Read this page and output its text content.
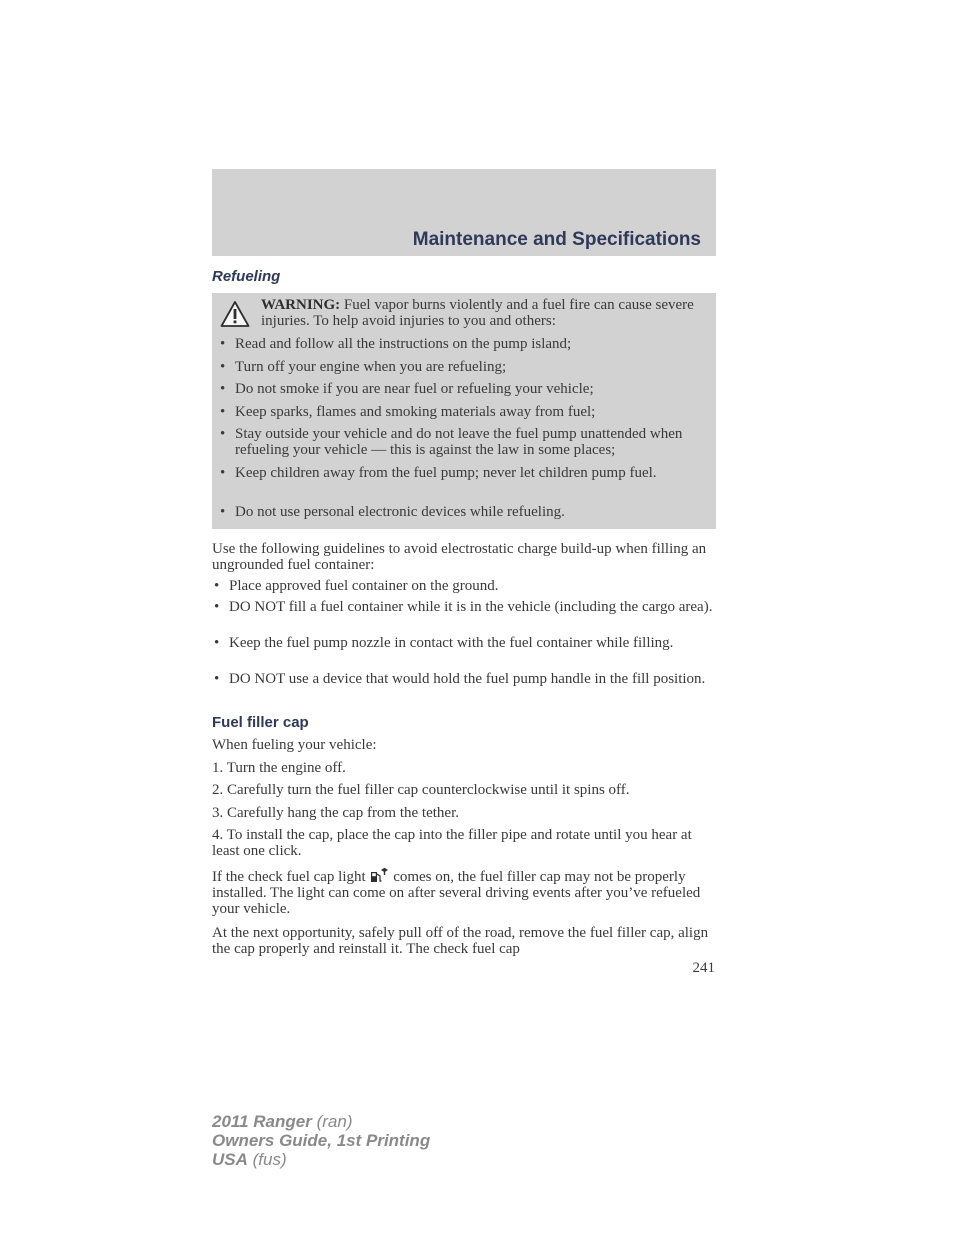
Maintenance and Specifications
Refueling
WARNING: Fuel vapor burns violently and a fuel fire can cause severe injuries. To help avoid injuries to you and others:
• Read and follow all the instructions on the pump island;
• Turn off your engine when you are refueling;
• Do not smoke if you are near fuel or refueling your vehicle;
• Keep sparks, flames and smoking materials away from fuel;
• Stay outside your vehicle and do not leave the fuel pump unattended when refueling your vehicle — this is against the law in some places;
• Keep children away from the fuel pump; never let children pump fuel.
• Do not use personal electronic devices while refueling.
Use the following guidelines to avoid electrostatic charge build-up when filling an ungrounded fuel container:
• Place approved fuel container on the ground.
• DO NOT fill a fuel container while it is in the vehicle (including the cargo area).
• Keep the fuel pump nozzle in contact with the fuel container while filling.
• DO NOT use a device that would hold the fuel pump handle in the fill position.
Fuel filler cap
When fueling your vehicle:
1. Turn the engine off.
2. Carefully turn the fuel filler cap counterclockwise until it spins off.
3. Carefully hang the cap from the tether.
4. To install the cap, place the cap into the filler pipe and rotate until you hear at least one click.
If the check fuel cap light comes on, the fuel filler cap may not be properly installed. The light can come on after several driving events after you’ve refueled your vehicle.
At the next opportunity, safely pull off of the road, remove the fuel filler cap, align the cap properly and reinstall it. The check fuel cap
241
2011 Ranger (ran)
Owners Guide, 1st Printing
USA (fus)
